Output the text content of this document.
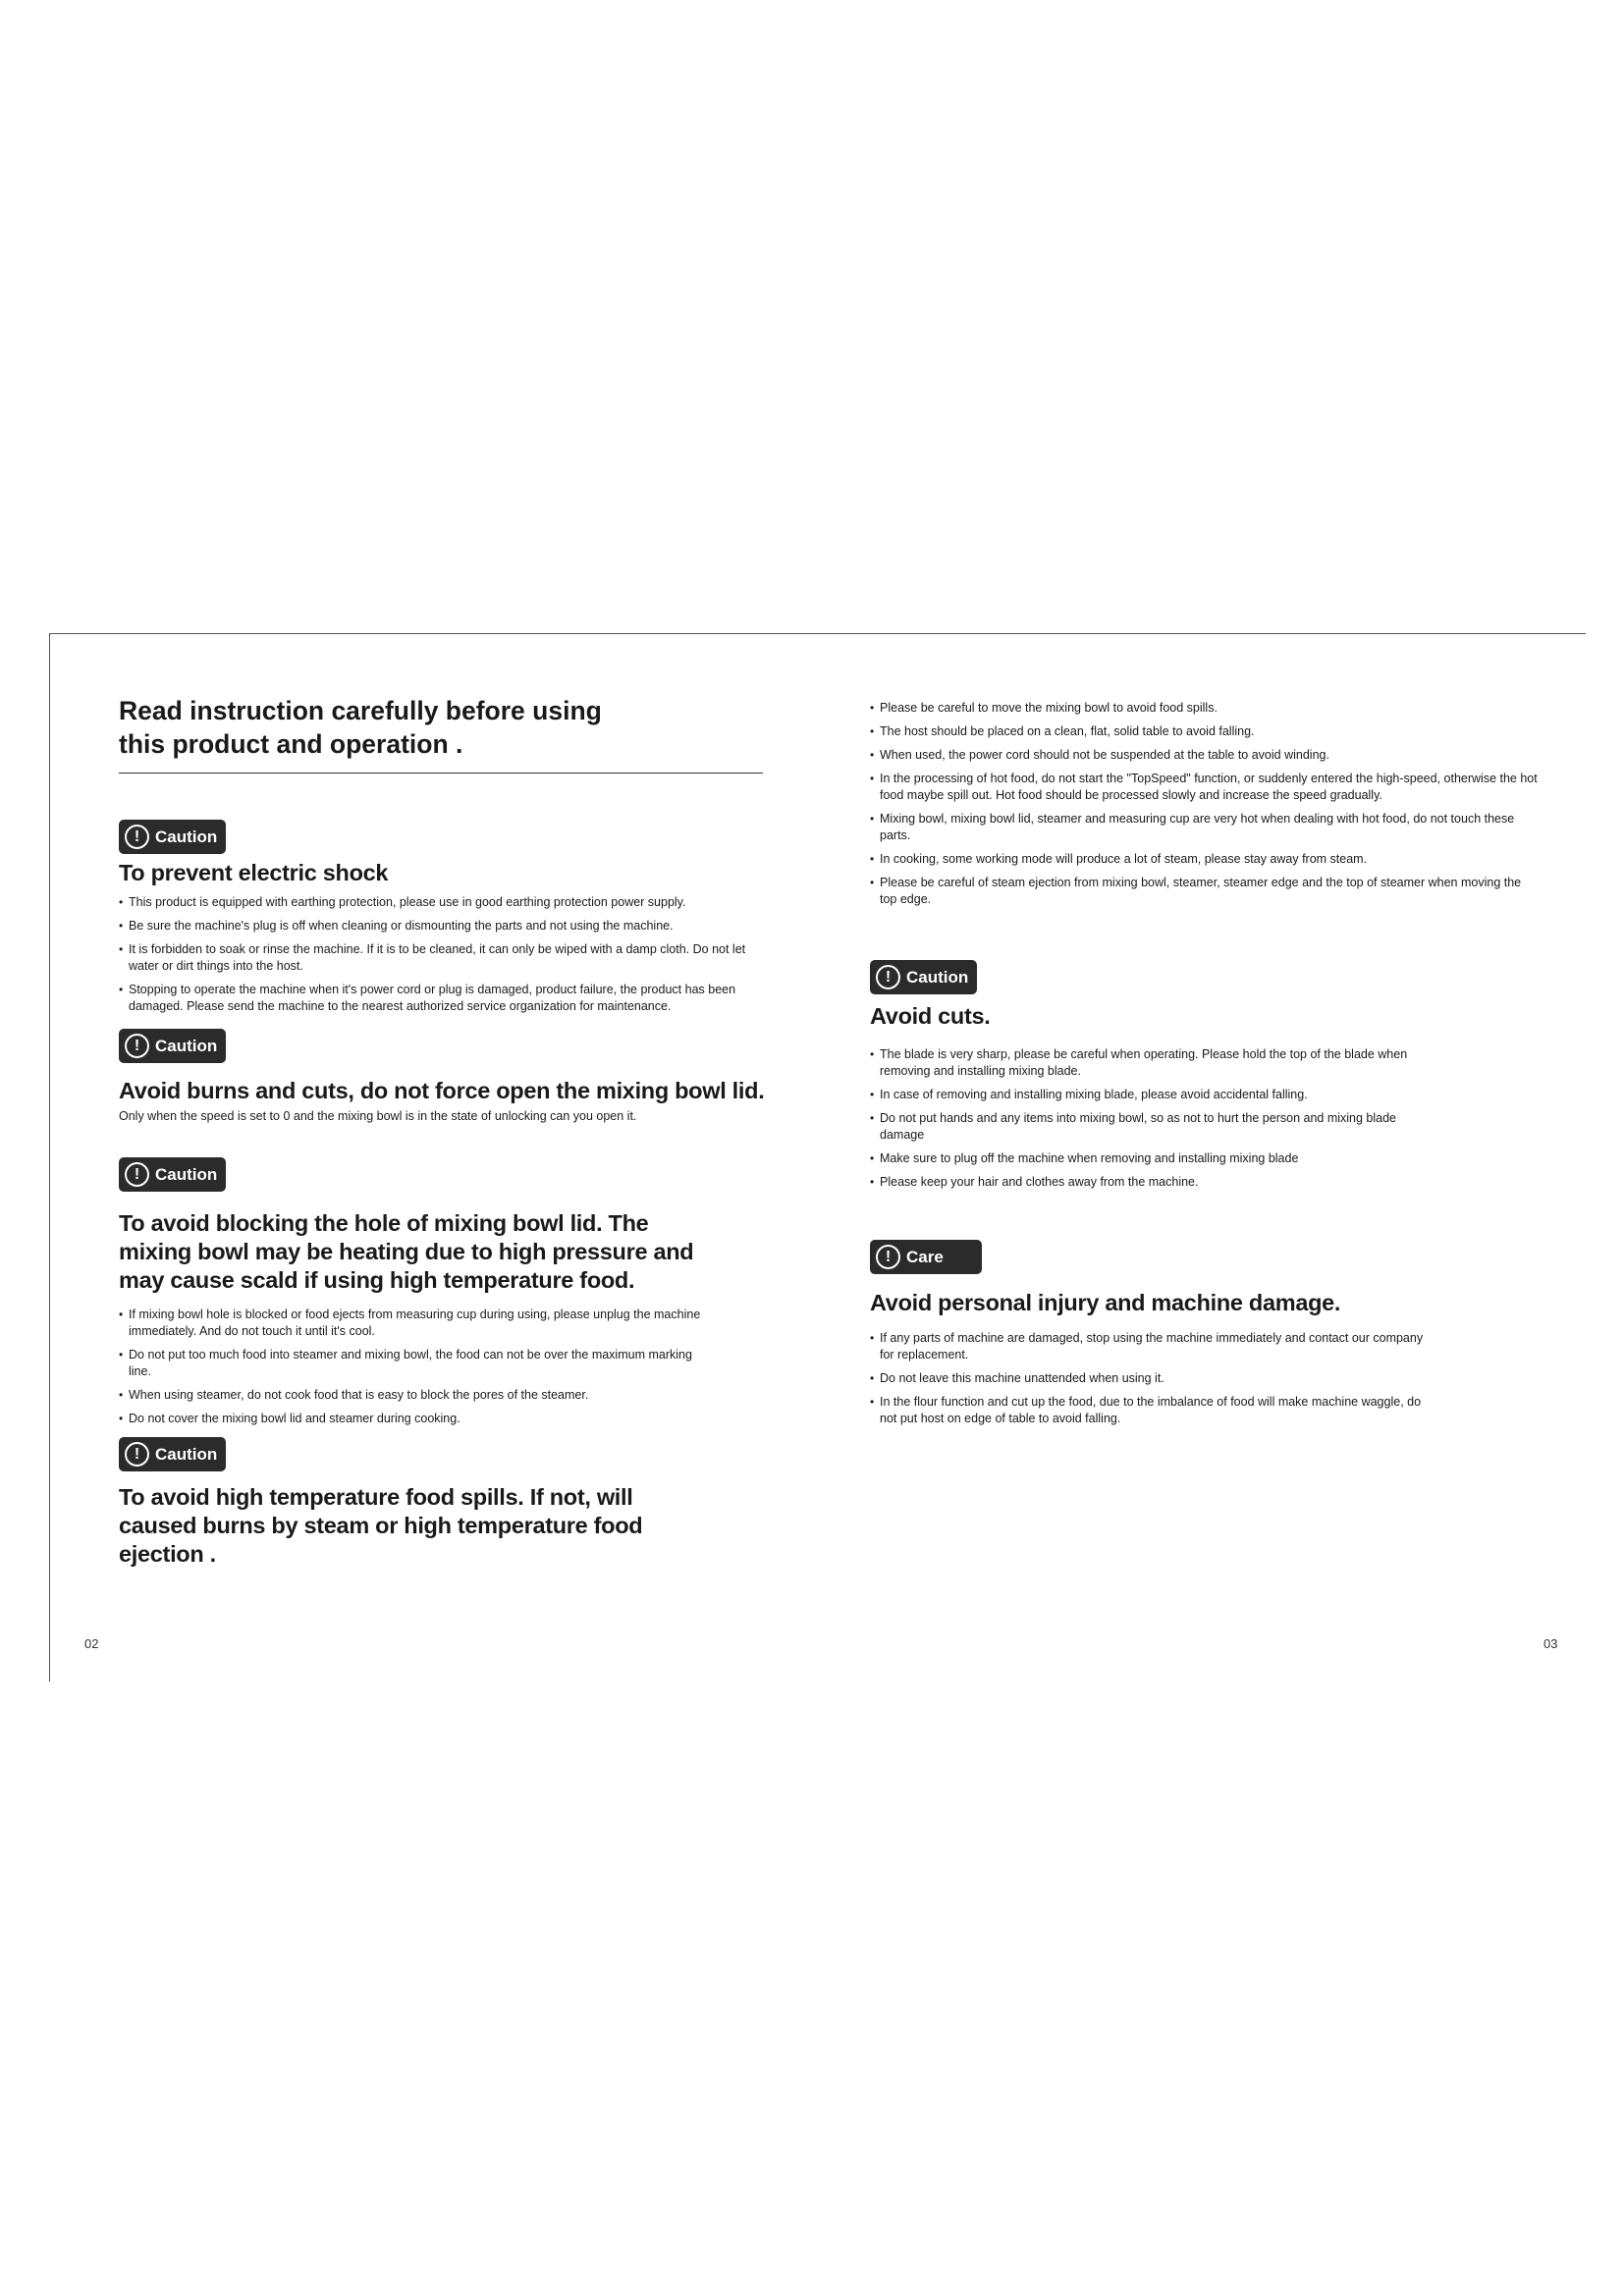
Read instruction carefully before using
this product and operation .
! Caution
To prevent electric shock
• This product is equipped with earthing protection, please use in good earthing protection power supply.
• Be sure the machine's plug is off when cleaning or dismounting the parts and not using the machine.
• It is forbidden to soak or rinse the machine. If it is to be cleaned, it can only be wiped with a damp cloth. Do not let water or dirt things into the host.
• Stopping to operate the machine when it's power cord or plug is damaged, product failure, the product has been damaged. Please send the machine to the nearest authorized service organization for maintenance.
! Caution
Avoid burns and cuts, do not force open the mixing bowl lid.

Only when the speed is set to 0 and the mixing bowl is in the state of unlocking can you open it.

! Caution
To avoid blocking the hole of mixing bowl lid. The mixing bowl may be heating due to high pressure and may cause scald if using high temperature food.
• If mixing bowl hole is blocked or food ejects from measuring cup during using, please unplug the machine immediately. And do not touch it until it's cool.
• Do not put too much food into steamer and mixing bowl, the food can not be over the maximum marking line.
• When using steamer, do not cook food that is easy to block the pores of the steamer.
• Do not cover the mixing bowl lid and steamer during cooking.
! Caution
To avoid high temperature food spills. If not, will caused burns by steam or high temperature food ejection .
• Please be careful to move the mixing bowl to avoid food spills.
• The host should be placed on a clean, flat, solid table to avoid falling.
• When used, the power cord should not be suspended at the table to avoid winding.
• In the processing of hot food, do not start the "TopSpeed" function, or suddenly entered the high-speed, otherwise the hot food maybe spill out. Hot food should be processed slowly and increase the speed gradually.
• Mixing bowl, mixing bowl lid, steamer and measuring cup are very hot when dealing with hot food, do not touch these parts.
• In cooking, some working mode will produce a lot of steam, please stay away from steam.
• Please be careful of steam ejection from mixing bowl, steamer, steamer edge and the top of steamer when moving the top edge.
! Caution
Avoid cuts.
• The blade is very sharp, please be careful when operating. Please hold the top of the blade when removing and installing mixing blade.
• In case of removing and installing mixing blade, please avoid accidental falling.
• Do not put hands and any items into mixing bowl, so as not to hurt the person and mixing blade damage
• Make sure to plug off the machine when removing and installing mixing blade
• Please keep your hair and clothes away from the machine.
! Care
Avoid personal injury and machine damage.
• If any parts of machine are damaged, stop using the machine immediately and contact our company for replacement.
• Do not leave this machine unattended when using it.
• In the flour function and cut up the food, due to the imbalance of food will make machine waggle, do not put host on edge of table to avoid falling.
02	03
